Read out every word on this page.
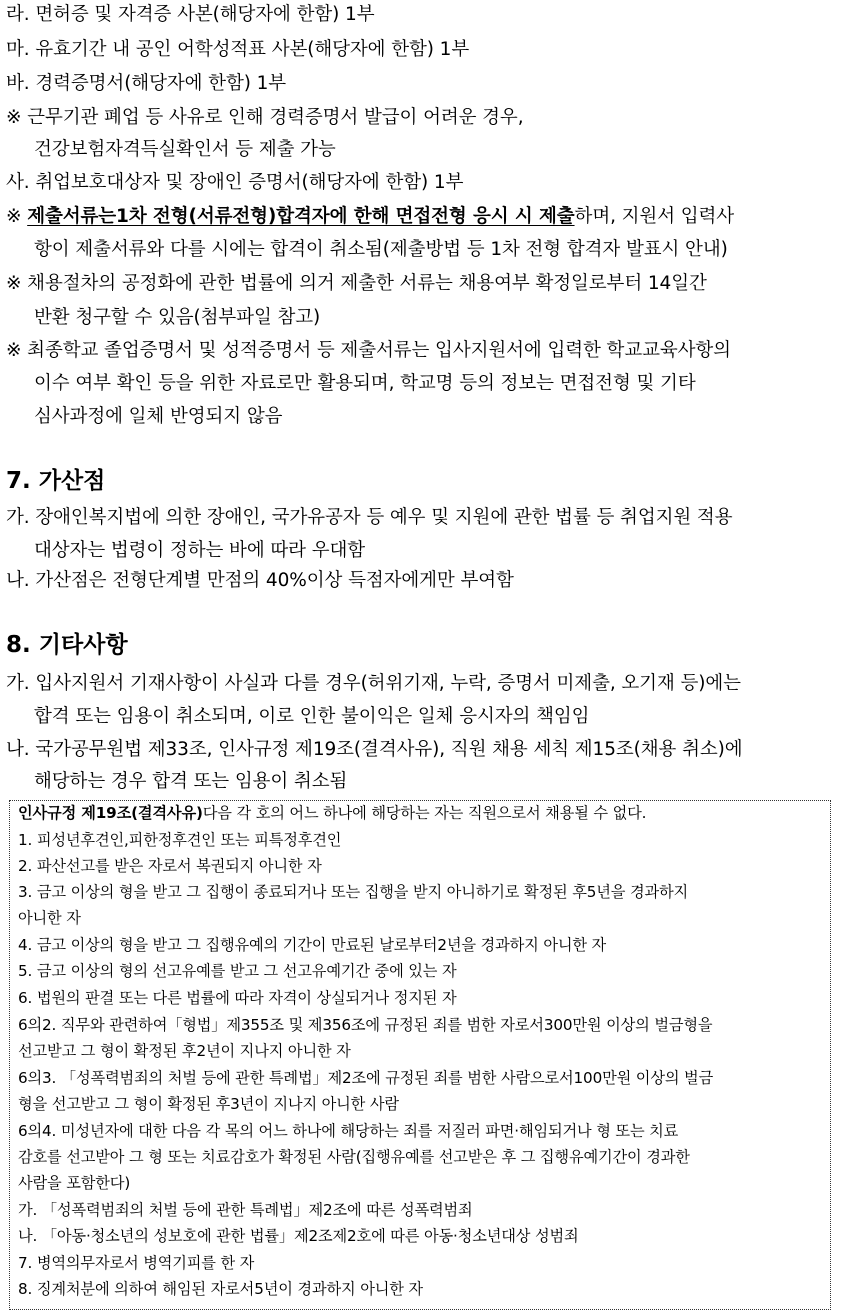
라. 면허증 및 자격증 사본(해당자에 한함) 1부
마. 유효기간 내 공인 어학성적표 사본(해당자에 한함) 1부
바. 경력증명서(해당자에 한함) 1부
※ 근무기관 폐업 등 사유로 인해 경력증명서 발급이 어려운 경우,
건강보험자격득실확인서 등 제출 가능
사. 취업보호대상자 및 장애인 증명서(해당자에 한함) 1부
※ 제출서류는1차 전형(서류전형)합격자에 한해 면접전형 응시 시 제출하며, 지원서 입력사
항이 제출서류와 다를 시에는 합격이 취소됨(제출방법 등 1차 전형 합격자 발표시 안내)
※ 채용절차의 공정화에 관한 법률에 의거 제출한 서류는 채용여부 확정일로부터 14일간
반환 청구할 수 있음(첨부파일 참고)
※ 최종학교 졸업증명서 및 성적증명서 등 제출서류는 입사지원서에 입력한 학교교육사항의
이수 여부 확인 등을 위한 자료로만 활용되며, 학교명 등의 정보는 면접전형 및 기타
심사과정에 일체 반영되지 않음
7. 가산점
가. 장애인복지법에 의한 장애인, 국가유공자 등 예우 및 지원에 관한 법률 등 취업지원 적용
대상자는 법령이 정하는 바에 따라 우대함
나. 가산점은 전형단계별 만점의 40%이상 득점자에게만 부여함
8. 기타사항
가. 입사지원서 기재사항이 사실과 다를 경우(허위기재, 누락, 증명서 미제출, 오기재 등)에는
합격 또는 임용이 취소되며, 이로 인한 불이익은 일체 응시자의 책임임
나. 국가공무원법 제33조, 인사규정 제19조(결격사유), 직원 채용 세칙 제15조(채용 취소)에
해당하는 경우 합격 또는 임용이 취소됨
인사규정 제19조(결격사유)다음 각 호의 어느 하나에 해당하는 자는 직원으로서 채용될 수 없다.
1. 피성년후견인,피한정후견인 또는 피특정후견인
2. 파산선고를 받은 자로서 복권되지 아니한 자
3. 금고 이상의 형을 받고 그 집행이 종료되거나 또는 집행을 받지 아니하기로 확정된 후5년을 경과하지
아니한 자
4. 금고 이상의 형을 받고 그 집행유예의 기간이 만료된 날로부터2년을 경과하지 아니한 자
5. 금고 이상의 형의 선고유예를 받고 그 선고유예기간 중에 있는 자
6. 법원의 판결 또는 다른 법률에 따라 자격이 상실되거나 정지된 자
6의2. 직무와 관련하여「형법」제355조 및 제356조에 규정된 죄를 범한 자로서300만원 이상의 벌금형을
선고받고 그 형이 확정된 후2년이 지나지 아니한 자
6의3. 「성폭력범죄의 처벌 등에 관한 특례법」제2조에 규정된 죄를 범한 사람으로서100만원 이상의 벌금
형을 선고받고 그 형이 확정된 후3년이 지나지 아니한 사람
6의4. 미성년자에 대한 다음 각 목의 어느 하나에 해당하는 죄를 저질러 파면·해임되거나 형 또는 치료
감호를 선고받아 그 형 또는 치료감호가 확정된 사람(집행유예를 선고받은 후 그 집행유예기간이 경과한
사람을 포함한다)
가. 「성폭력범죄의 처벌 등에 관한 특례법」제2조에 따른 성폭력범죄
나. 「아동·청소년의 성보호에 관한 법률」제2조제2호에 따른 아동·청소년대상 성범죄
7. 병역의무자로서 병역기피를 한 자
8. 징계처분에 의하여 해임된 자로서5년이 경과하지 아니한 자
